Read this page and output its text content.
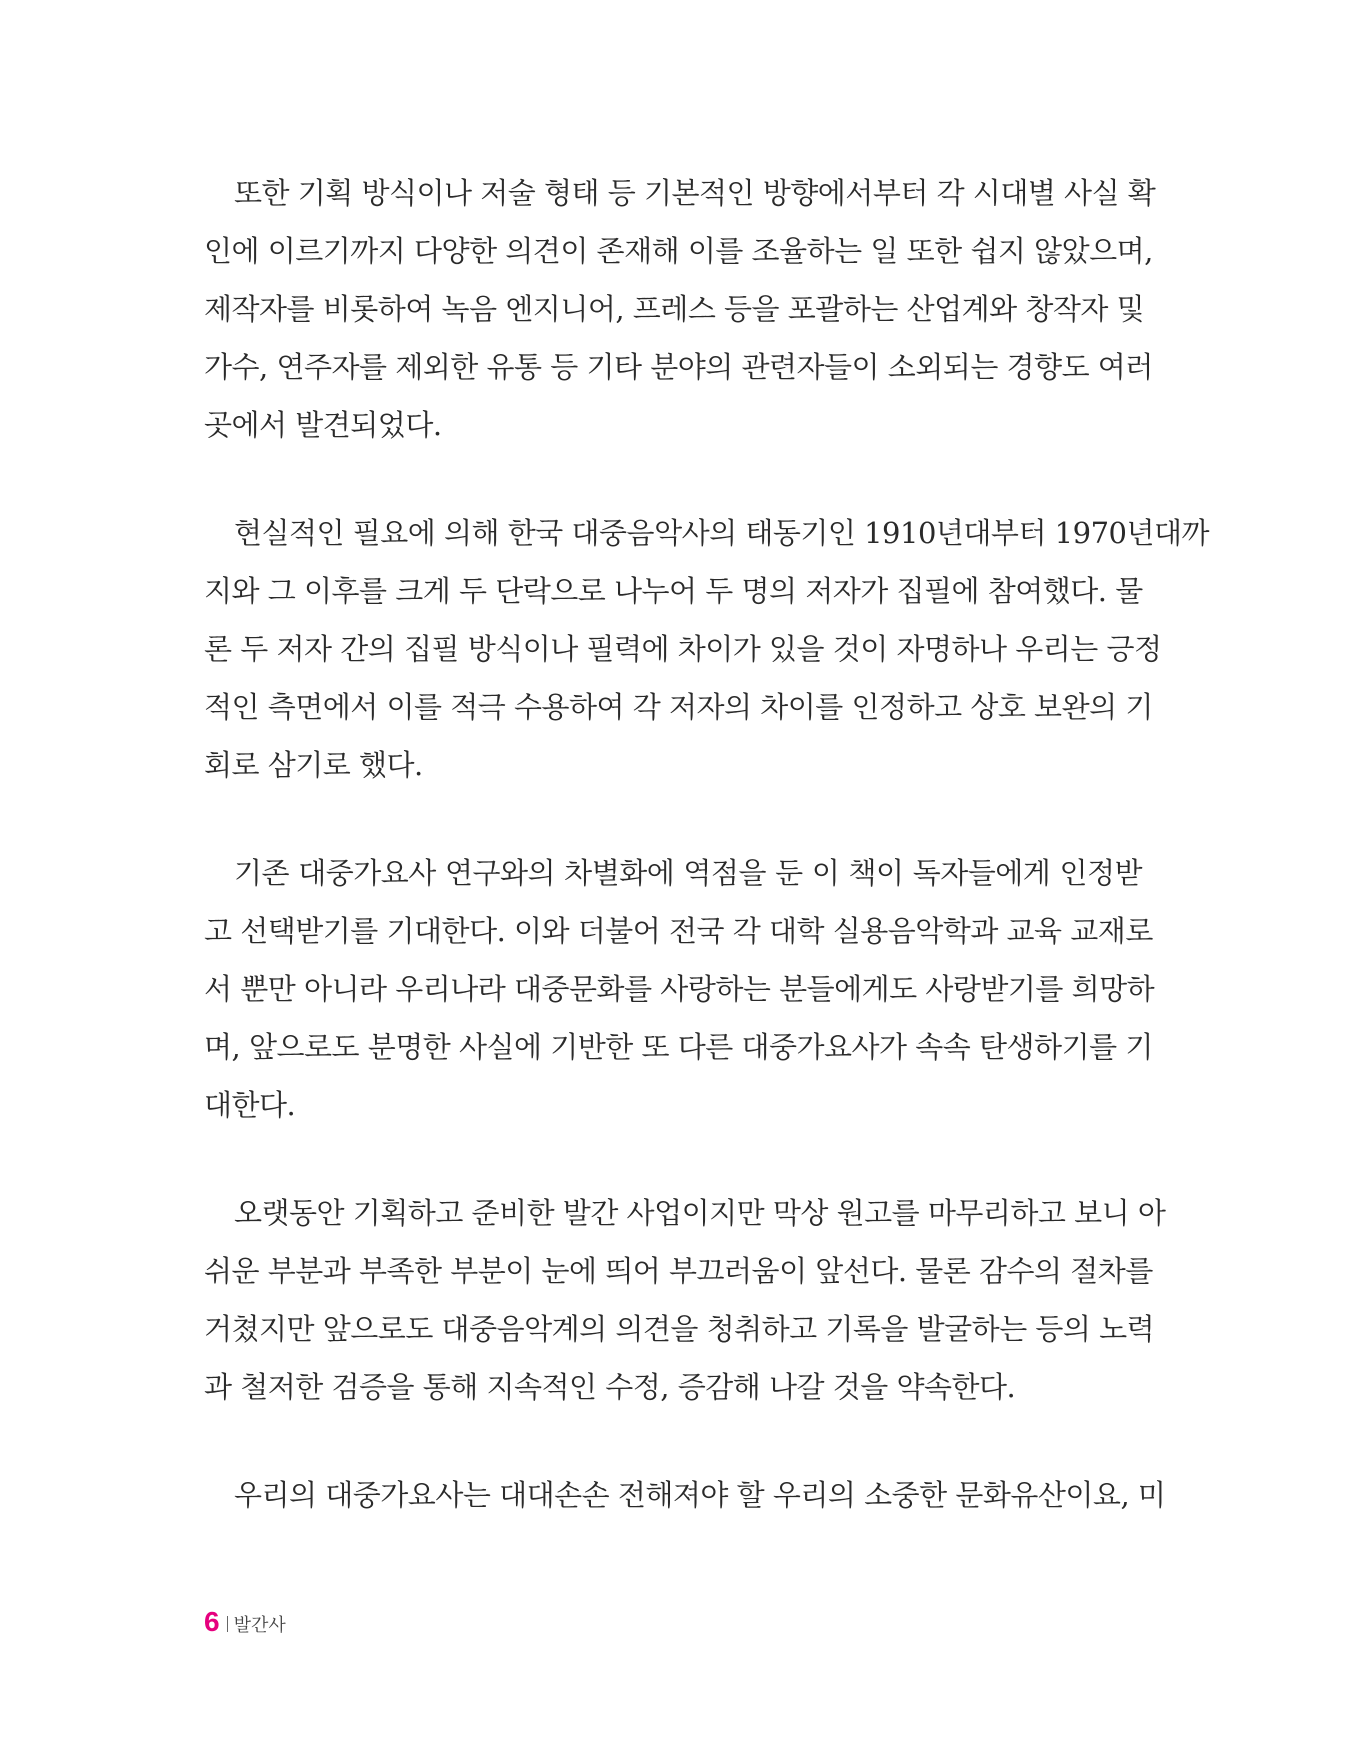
또한 기획 방식이나 저술 형태 등 기본적인 방향에서부터 각 시대별 사실 확
인에 이르기까지 다양한 의견이 존재해 이를 조율하는 일 또한 쉽지 않았으며,
제작자를 비롯하여 녹음 엔지니어, 프레스 등을 포괄하는 산업계와 창작자 및
가수, 연주자를 제외한 유통 등 기타 분야의 관련자들이 소외되는 경향도 여러
곳에서 발견되었다.
현실적인 필요에 의해 한국 대중음악사의 태동기인 1910년대부터 1970년대까
지와 그 이후를 크게 두 단락으로 나누어 두 명의 저자가 집필에 참여했다. 물
론 두 저자 간의 집필 방식이나 필력에 차이가 있을 것이 자명하나 우리는 긍정
적인 측면에서 이를 적극 수용하여 각 저자의 차이를 인정하고 상호 보완의 기
회로 삼기로 했다.
기존 대중가요사 연구와의 차별화에 역점을 둔 이 책이 독자들에게 인정받
고 선택받기를 기대한다. 이와 더불어 전국 각 대학 실용음악학과 교육 교재로
서 뿐만 아니라 우리나라 대중문화를 사랑하는 분들에게도 사랑받기를 희망하
며, 앞으로도 분명한 사실에 기반한 또 다른 대중가요사가 속속 탄생하기를 기
대한다.
오랫동안 기획하고 준비한 발간 사업이지만 막상 원고를 마무리하고 보니 아
쉬운 부분과 부족한 부분이 눈에 띄어 부끄러움이 앞선다. 물론 감수의 절차를
거쳤지만 앞으로도 대중음악계의 의견을 청취하고 기록을 발굴하는 등의 노력
과 철저한 검증을 통해 지속적인 수정, 증감해 나갈 것을 약속한다.
우리의 대중가요사는 대대손손 전해져야 할 우리의 소중한 문화유산이요, 미
6 발간사
